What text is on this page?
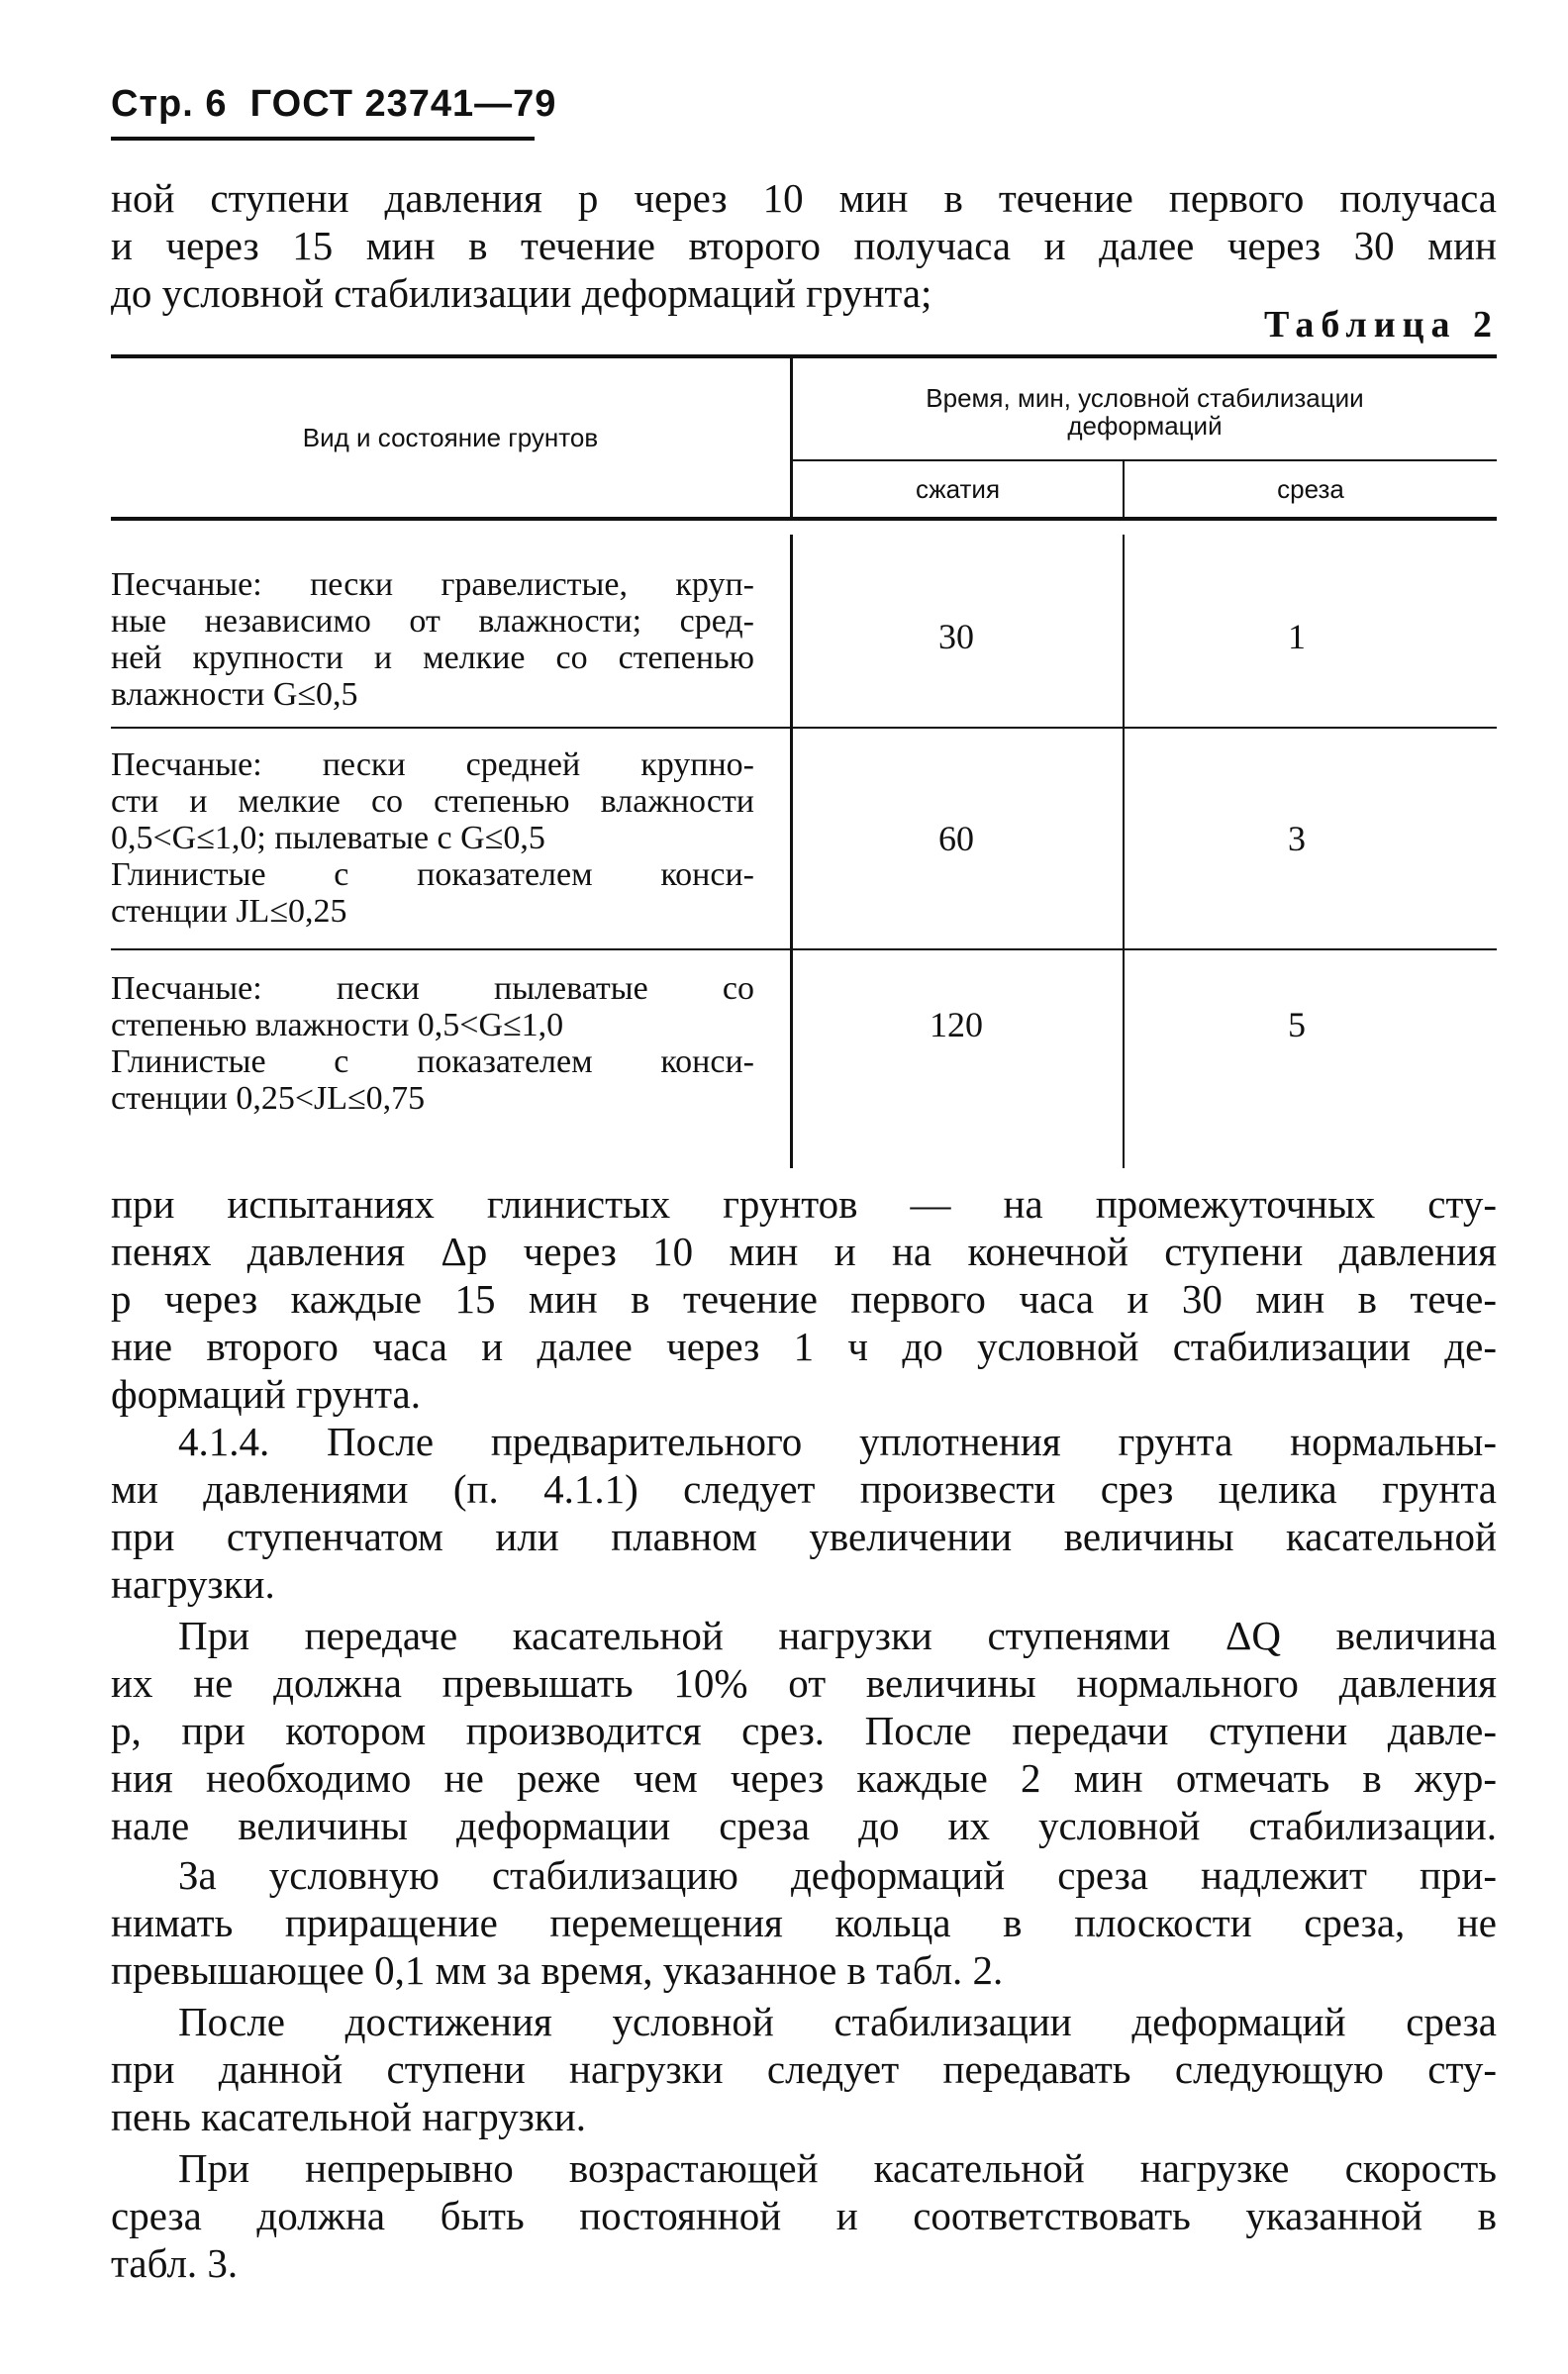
Стр. 6 ГОСТ 23741—79
ной ступени давления р через 10 мин в течение первого получаса
и через 15 мин в течение второго получаса и далее через 30 мин
до условной стабилизации деформаций грунта;
Таблица 2
Вид и состояние грунтов
Время, мин, условной стабилизации
деформаций
сжатия	среза
Песчаные: пески гравелистые, круп-
ные независимо от влажности; сред-
ней крупности и мелкие со степенью
влажности G≤0,5
30	1
Песчаные: пески средней крупно-
сти и мелкие со степенью влажности
0,5<G≤1,0; пылеватые с G≤0,5
Глинистые с показателем конси-
стенции JL≤0,25
60	3
Песчаные: пески пылеватые со
степенью влажности 0,5<G≤1,0
Глинистые с показателем конси-
стенции 0,25<JL≤0,75
120	5
при испытаниях глинистых грунтов — на промежуточных сту-
пенях давления Δр через 10 мин и на конечной ступени давления
р через каждые 15 мин в течение первого часа и 30 мин в тече-
ние второго часа и далее через 1 ч до условной стабилизации де-
формаций грунта.
4.1.4. После предварительного уплотнения грунта нормальны-
ми давлениями (п. 4.1.1) следует произвести срез целика грунта
при ступенчатом или плавном увеличении величины касательной
нагрузки.
При передаче касательной нагрузки ступенями ΔQ величина
их не должна превышать 10% от величины нормального давления
р, при котором производится срез. После передачи ступени давле-
ния необходимо не реже чем через каждые 2 мин отмечать в жур-
нале величины деформации среза до их условной стабилизации.
За условную стабилизацию деформаций среза надлежит при-
нимать приращение перемещения кольца в плоскости среза, не
превышающее 0,1 мм за время, указанное в табл. 2.
После достижения условной стабилизации деформаций среза
при данной ступени нагрузки следует передавать следующую сту-
пень касательной нагрузки.
При непрерывно возрастающей касательной нагрузке скорость
среза должна быть постоянной и соответствовать указанной в
табл. 3.
